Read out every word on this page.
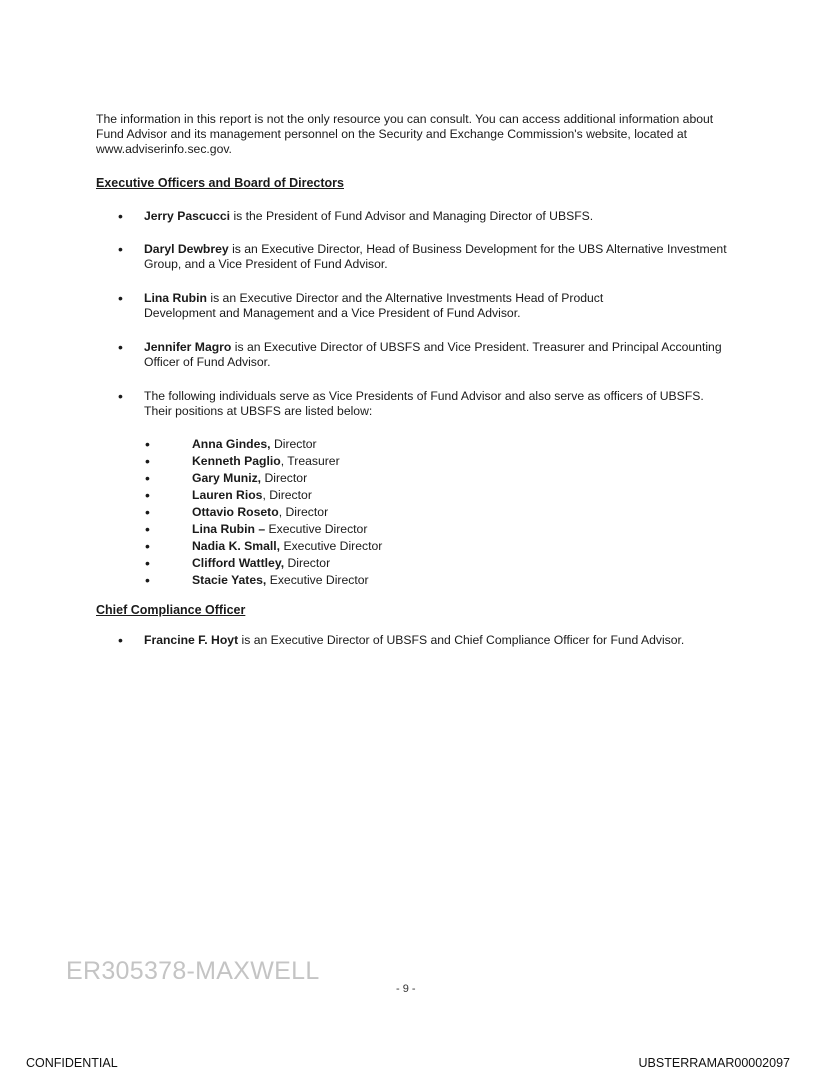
The information in this report is not the only resource you can consult. You can access additional information about Fund Advisor and its management personnel on the Security and Exchange Commission's website, located at www.adviserinfo.sec.gov.

Executive Officers and Board of Directors
• Jerry Pascucci is the President of Fund Advisor and Managing Director of UBSFS.
• Daryl Dewbrey is an Executive Director, Head of Business Development for the UBS Alternative Investment Group, and a Vice President of Fund Advisor.
• Lina Rubin is an Executive Director and the Alternative Investments Head of Product Development and Management and a Vice President of Fund Advisor.
• Jennifer Magro is an Executive Director of UBSFS and Vice President. Treasurer and Principal Accounting Officer of Fund Advisor.
• The following individuals serve as Vice Presidents of Fund Advisor and also serve as officers of UBSFS. Their positions at UBSFS are listed below:
•	Anna Gindes, Director
•	Kenneth Paglio, Treasurer
•	Gary Muniz, Director
•	Lauren Rios, Director
•	Ottavio Roseto, Director
•	Lina Rubin – Executive Director
•	Nadia K. Small, Executive Director
•	Clifford Wattley, Director
•	Stacie Yates, Executive Director
Chief Compliance Officer
• Francine F. Hoyt is an Executive Director of UBSFS and Chief Compliance Officer for Fund Advisor.
ER305378-MAXWELL
- 9 -
CONFIDENTIAL	UBSTERRAMAR00002097
